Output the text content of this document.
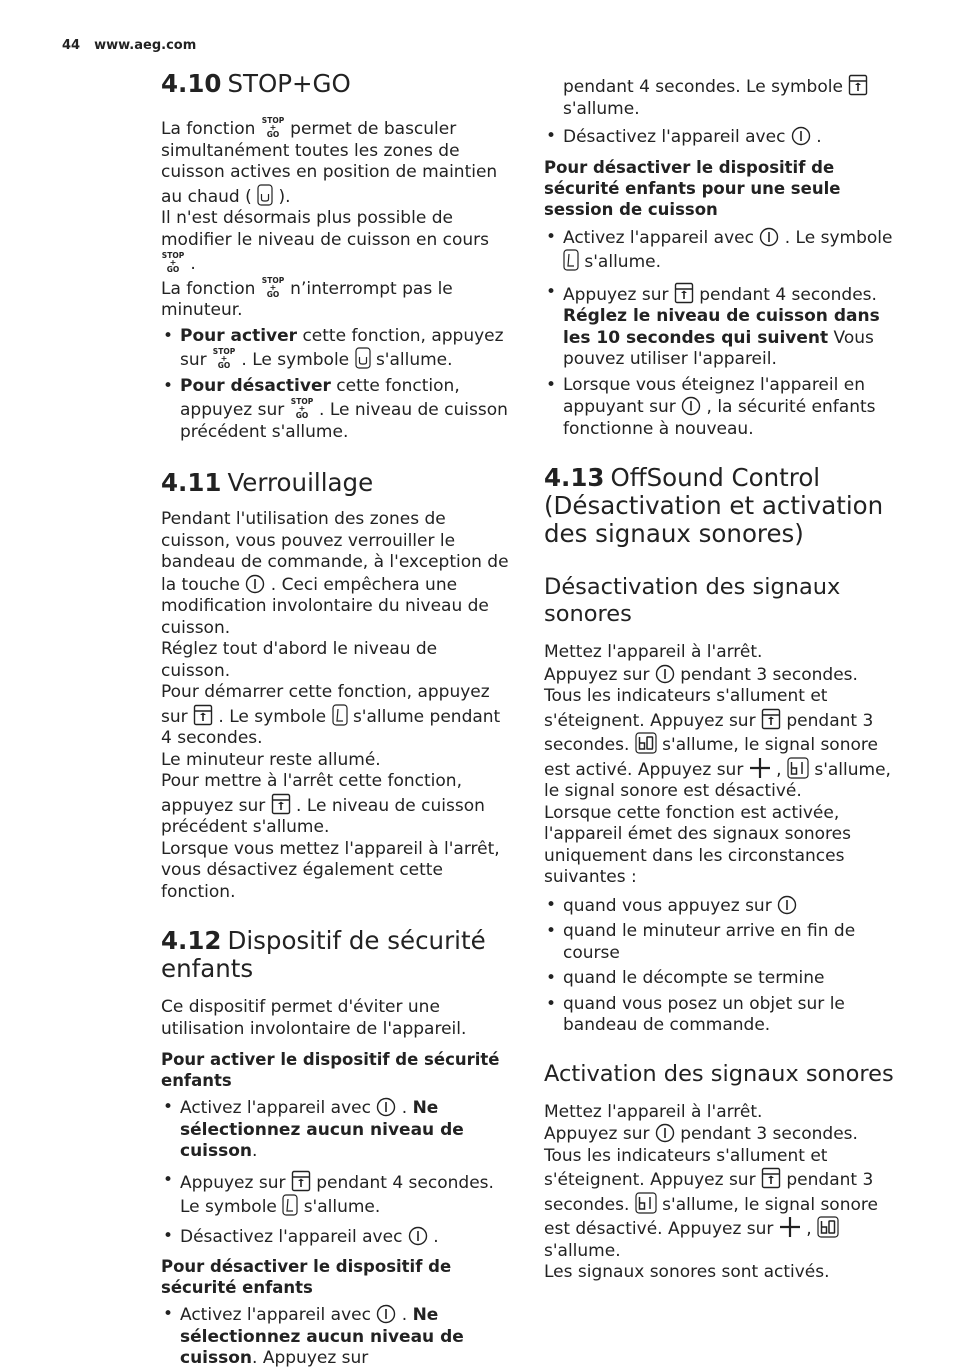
44 www.aeg.com
4.10 STOP+GO

La fonction
permet de basculer simultanément toutes les zones de cuisson actives en position de maintien au chaud (
).

Il n'est désormais plus possible de modifier le niveau de cuisson en cours
.

La fonction
n’interrompt pas le minuteur.

• Pour activer cette fonction, appuyez sur
. Le symbole
s'allume.
• Pour désactiver cette fonction, appuyez sur
. Le niveau de cuisson précédent s'allume.
4.11 Verrouillage

Pendant l'utilisation des zones de cuisson, vous pouvez verrouiller le bandeau de commande, à l'exception de la touche
. Ceci empêchera une modification involontaire du niveau de cuisson.

Réglez tout d'abord le niveau de cuisson.

Pour démarrer cette fonction, appuyez sur
. Le symbole
s'allume pendant 4 secondes.

Le minuteur reste allumé.

Pour mettre à l'arrêt cette fonction, appuyez sur
. Le niveau de cuisson précédent s'allume.

Lorsque vous mettez l'appareil à l'arrêt, vous désactivez également cette fonction.

4.12 Dispositif de sécurité enfants

Ce dispositif permet d'éviter une utilisation involontaire de l'appareil.

Pour activer le dispositif de sécurité enfants

• Activez l'appareil avec
. Ne sélectionnez aucun niveau de cuisson.
• Appuyez sur
pendant 4 secondes. Le symbole
s'allume.
• Désactivez l'appareil avec
.

Pour désactiver le dispositif de sécurité enfants

• Activez l'appareil avec
. Ne sélectionnez aucun niveau de cuisson. Appuyez sur
• pendant 4 secondes. Le symbole
s'allume.
• Désactivez l'appareil avec
.

Pour désactiver le dispositif de sécurité enfants pour une seule session de cuisson

• Activez l'appareil avec
. Le symbole
s'allume.
• Appuyez sur
pendant 4 secondes. Réglez le niveau de cuisson dans les 10 secondes qui suivent Vous pouvez utiliser l'appareil.
• Lorsque vous éteignez l'appareil en appuyant sur
, la sécurité enfants fonctionne à nouveau.
4.13 OffSound Control (Désactivation et activation des signaux sonores)
Désactivation des signaux sonores

Mettez l'appareil à l'arrêt.

Appuyez sur
pendant 3 secondes.

Tous les indicateurs s'allument et s'éteignent. Appuyez sur
pendant 3 secondes.
s'allume, le signal sonore est activé. Appuyez sur
,
s'allume, le signal sonore est désactivé.

Lorsque cette fonction est activée, l'appareil émet des signaux sonores uniquement dans les circonstances suivantes :

• quand vous appuyez sur
• quand le minuteur arrive en fin de course
• quand le décompte se termine
• quand vous posez un objet sur le bandeau de commande.
Activation des signaux sonores

Mettez l'appareil à l'arrêt.

Appuyez sur
pendant 3 secondes.

Tous les indicateurs s'allument et s'éteignent. Appuyez sur
pendant 3 secondes.
s'allume, le signal sonore est désactivé. Appuyez sur
,
s'allume.

Les signaux sonores sont activés.
